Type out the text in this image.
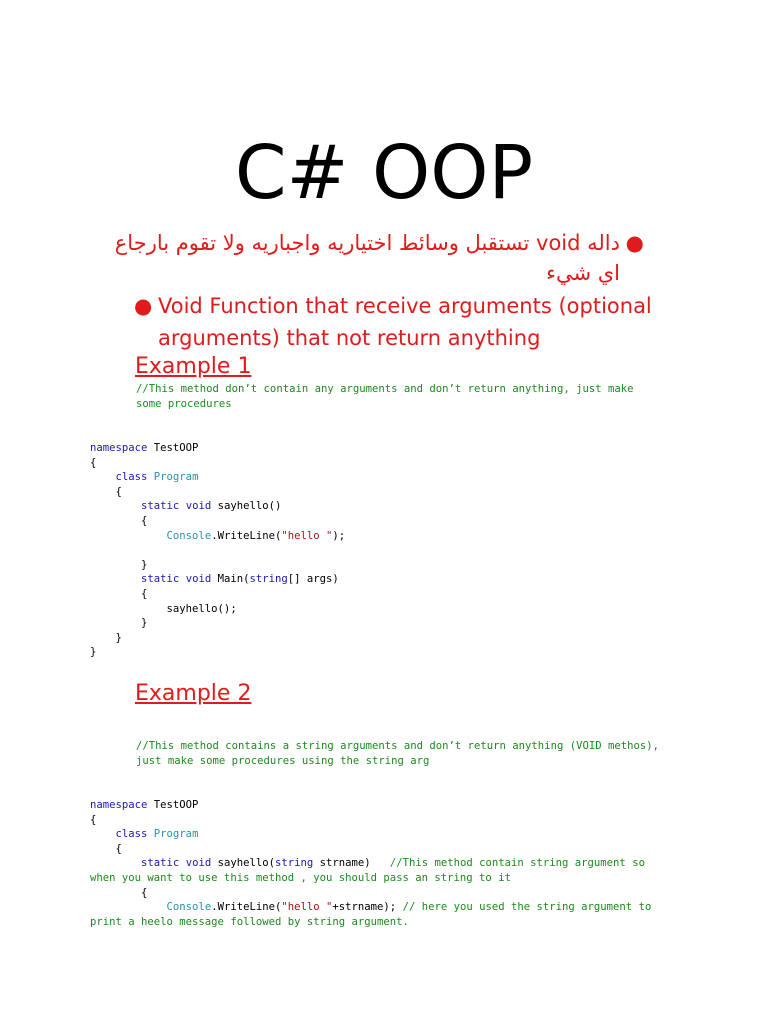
C# OOP
●
داله void تستقبل وسائط اختياريه واجباريه ولا تقوم بارجاع
اي شيء
● Void Function that receive arguments (optional
arguments) that not return anything
Example 1
//This method don’t contain any arguments and don’t return anything, just make
some procedures
namespace TestOOP
{
class Program
{
static void sayhello()
{
Console.WriteLine("hello ");

}
static void Main(string[] args)
{
sayhello();
}
}
}
Example 2
//This method contains a string arguments and don’t return anything (VOID methos),
just make some procedures using the string arg
namespace TestOOP
{
class Program
{
static void sayhello(string strname)   //This method contain string argument so
when you want to use this method , you should pass an string to it
{
Console.WriteLine("hello "+strname); // here you used the string argument to
print a heelo message followed by string argument.
